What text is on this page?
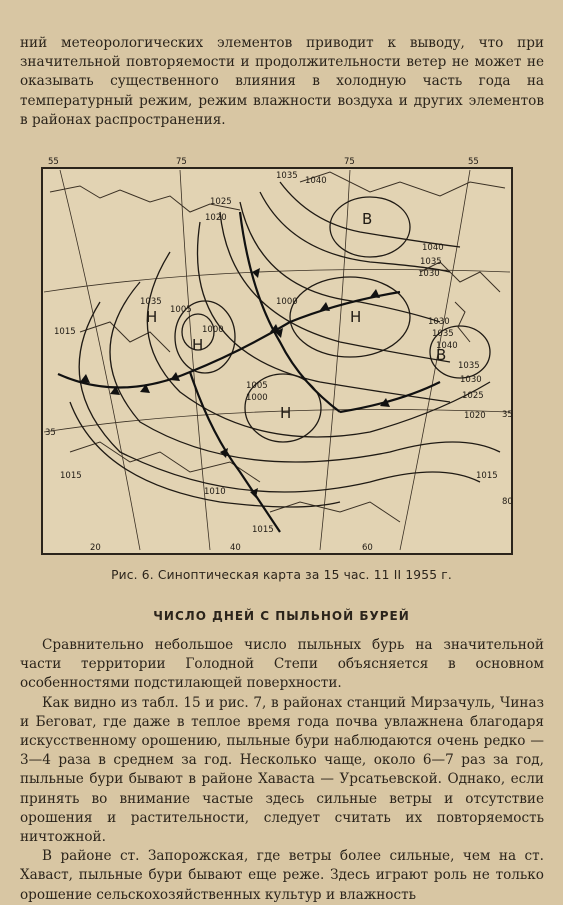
ний метеорологических элементов приводит к выводу, что при значительной повторяемости и продолжительности ветер не может не оказывать существенного влияния в холодную часть года на температурный режим, режим влажности воздуха и других элементов в районах распространения.

55	75	75	55
20	40	60
35
35
80
1035 1040
1025
1020
1040
1035
1030
1035
1005
1000
1000
1030
1035
1040
1015
1035
1030
1025
1005
1000
1020
1015
1010
1015
1015
В
Н
Н
Н
В
Н
Рис. 6. Синоптическая карта за 15 час. 11 II 1955 г.
ЧИСЛО ДНЕЙ С ПЫЛЬНОЙ БУРЕЙ

Сравнительно небольшое число пыльных бурь на значительной части территории Голодной Степи объясняется в основном особенностями подстилающей поверхности.

Как видно из табл. 15 и рис. 7, в районах станций Мирзачуль, Чиназ и Беговат, где даже в теплое время года почва увлажнена благодаря искусственному орошению, пыльные бури наблюдаются очень редко — 3—4 раза в среднем за год. Несколько чаще, около 6—7 раз за год, пыльные бури бывают в районе Хаваста — Урсатьевской. Однако, если принять во внимание частые здесь сильные ветры и отсутствие орошения и растительности, следует считать их повторяемость ничтожной.

В районе ст. Запорожская, где ветры более сильные, чем на ст. Хаваст, пыльные бури бывают еще реже. Здесь играют роль не только орошение сельскохозяйственных культур и влажность
